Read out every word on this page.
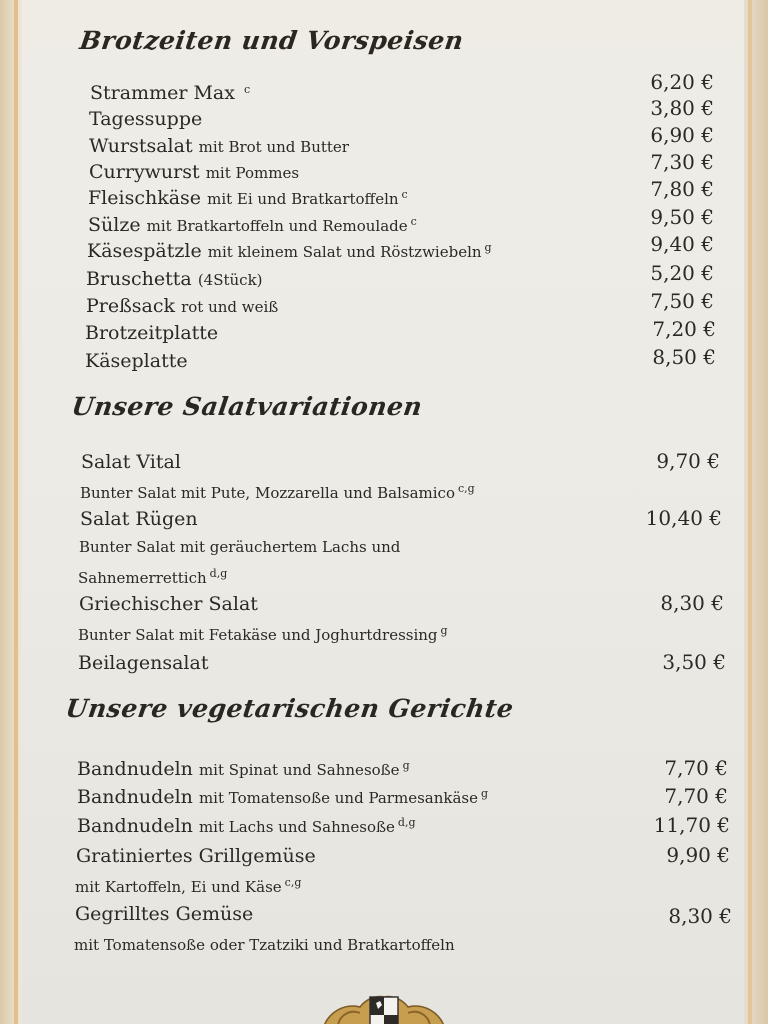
Brotzeiten und Vorspeisen
Strammer Max $^c$	6,20 €
Tagessuppe	3,80 €
Wurstsalat mit Brot und Butter	6,90 €
Currywurst mit Pommes	7,30 €
Fleischkäse mit Ei und Bratkartoffeln $^c$	7,80 €
Sülze mit Bratkartoffeln und Remoulade $^c$	9,50 €
Käsespätzle mit kleinem Salat und Röstzwiebeln $^g$	9,40 €
Bruschetta (4Stück)	5,20 €
Preßsack rot und weiß	7,50 €
Brotzeitplatte	7,20 €
Käseplatte	8,50 €
Unsere Salatvariationen
Salat Vital	9,70 €
Bunter Salat mit Pute, Mozzarella und Balsamico $^{c,g}$
Salat Rügen	10,40 €
Bunter Salat mit geräuchertem Lachs und
Sahnemerrettich $^{d,g}$
Griechischer Salat	8,30 €
Bunter Salat mit Fetakäse und Joghurtdressing $^g$
Beilagensalat	3,50 €
Unsere vegetarischen Gerichte
Bandnudeln mit Spinat und Sahnesoße $^g$	7,70 €
Bandnudeln mit Tomatensoße und Parmesankäse $^g$	7,70 €
Bandnudeln mit Lachs und Sahnesoße $^{d,g}$	11,70 €
Gratiniertes Grillgemüse	9,90 €
mit Kartoffeln, Ei und Käse $^{c,g}$
Gegrilltes Gemüse	8,30 €
mit Tomatensoße oder Tzatziki und Bratkartoffeln
